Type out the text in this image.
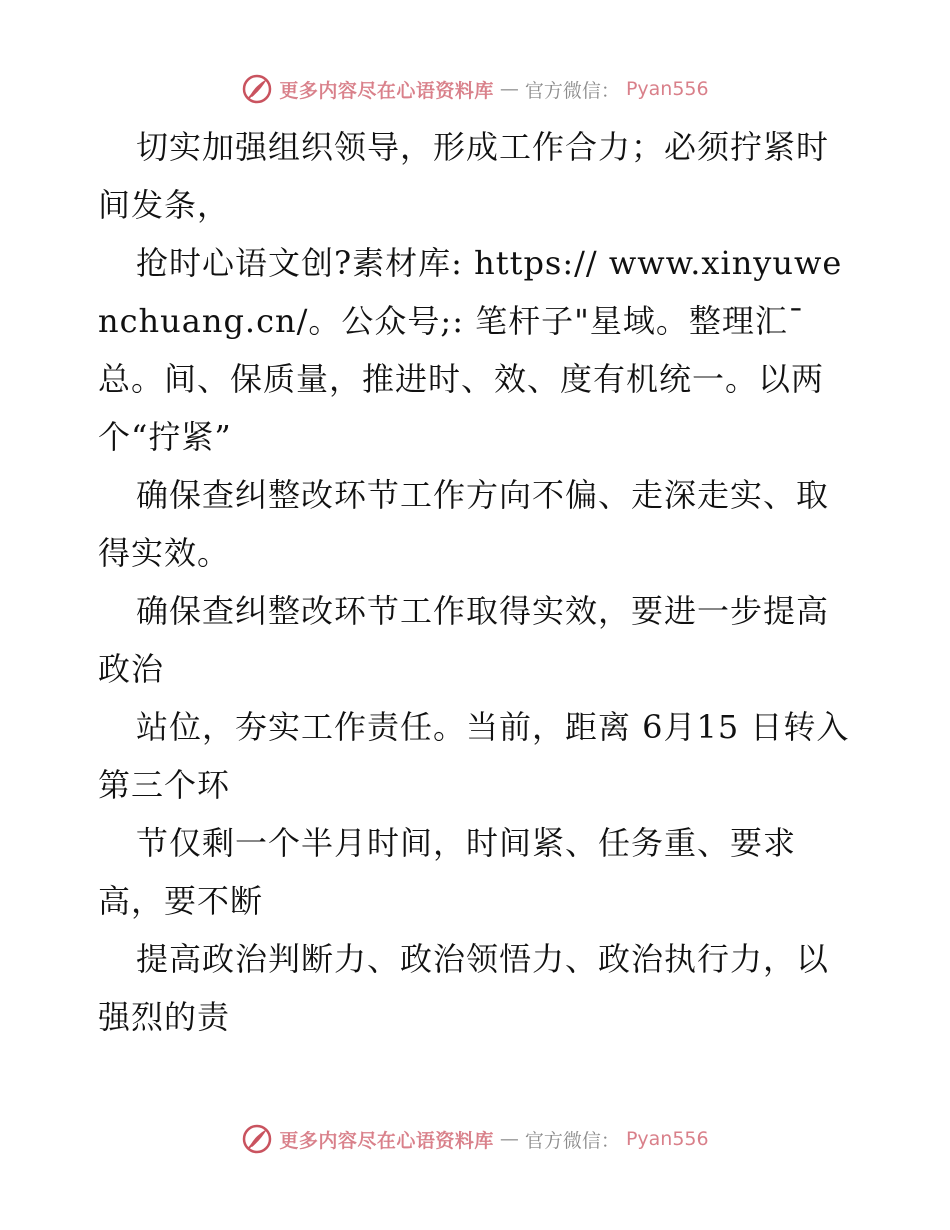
更多内容尽在心语资料库 — 官方微信： Pyan556

切实加强组织领导，形成工作合力；必须拧紧时间发条，

抢时心语文创?素材库: https:// www.xinyuwenchuang.cn/。公众号;: 笔杆子"星域。整理汇¯总。间、保质量，推进时、效、度有机统一。以两个“拧紧”

确保查纠整改环节工作方向不偏、走深走实、取得实效。

确保查纠整改环节工作取得实效，要进一步提高政治

站位，夯实工作责任。当前，距离 6月15 日转入第三个环

节仅剩一个半月时间，时间紧、任务重、要求高，要不断

提高政治判断力、政治领悟力、政治执行力，以强烈的责

更多内容尽在心语资料库 — 官方微信： Pyan556
